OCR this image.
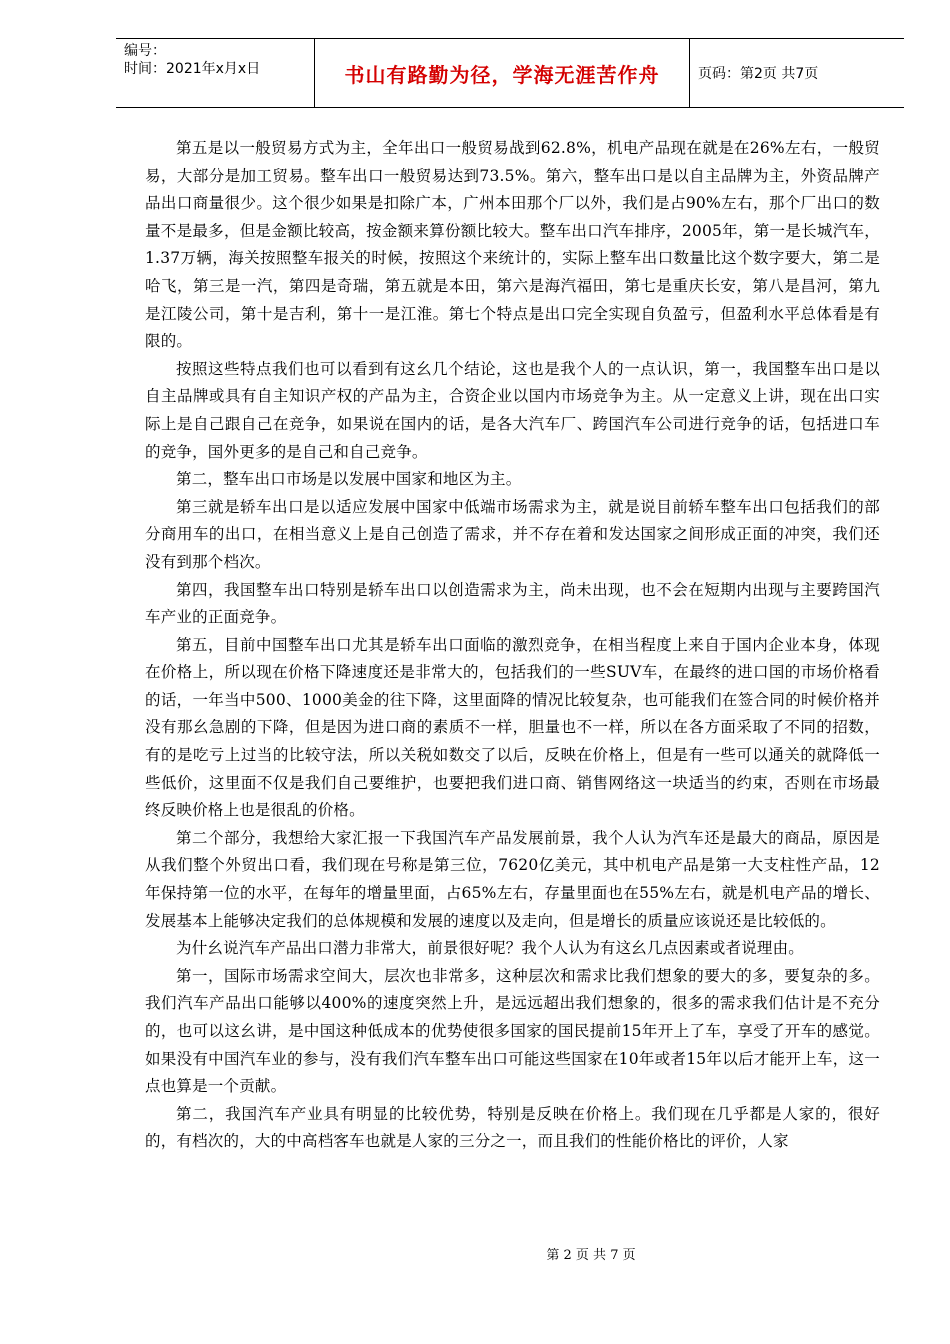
编号：
时间：2021年x月x日	书山有路勤为径，学海无涯苦作舟	页码：第2页 共7页

第五是以一般贸易方式为主，全年出口一般贸易战到62.8%，机电产品现在就是在26%左右，一般贸易，大部分是加工贸易。整车出口一般贸易达到73.5%。第六，整车出口是以自主品牌为主，外资品牌产品出口商量很少。这个很少如果是扣除广本，广州本田那个厂以外，我们是占90%左右，那个厂出口的数量不是最多，但是金额比较高，按金额来算份额比较大。整车出口汽车排序，2005年，第一是长城汽车，1.37万辆，海关按照整车报关的时候，按照这个来统计的，实际上整车出口数量比这个数字要大，第二是哈飞，第三是一汽，第四是奇瑞，第五就是本田，第六是海汽福田，第七是重庆长安，第八是昌河，第九是江陵公司，第十是吉利，第十一是江淮。第七个特点是出口完全实现自负盈亏，但盈利水平总体看是有限的。

按照这些特点我们也可以看到有这幺几个结论，这也是我个人的一点认识，第一，我国整车出口是以自主品牌或具有自主知识产权的产品为主，合资企业以国内市场竞争为主。从一定意义上讲，现在出口实际上是自己跟自己在竞争，如果说在国内的话，是各大汽车厂、跨国汽车公司进行竞争的话，包括进口车的竞争，国外更多的是自己和自己竞争。

第二，整车出口市场是以发展中国家和地区为主。

第三就是轿车出口是以适应发展中国家中低端市场需求为主，就是说目前轿车整车出口包括我们的部分商用车的出口，在相当意义上是自己创造了需求，并不存在着和发达国家之间形成正面的冲突，我们还没有到那个档次。

第四，我国整车出口特别是轿车出口以创造需求为主，尚未出现，也不会在短期内出现与主要跨国汽车产业的正面竞争。

第五，目前中国整车出口尤其是轿车出口面临的激烈竞争，在相当程度上来自于国内企业本身，体现在价格上，所以现在价格下降速度还是非常大的，包括我们的一些SUV车，在最终的进口国的市场价格看的话，一年当中500、1000美金的往下降，这里面降的情况比较复杂，也可能我们在签合同的时候价格并没有那幺急剧的下降，但是因为进口商的素质不一样，胆量也不一样，所以在各方面采取了不同的招数，有的是吃亏上过当的比较守法，所以关税如数交了以后，反映在价格上，但是有一些可以通关的就降低一些低价，这里面不仅是我们自己要维护，也要把我们进口商、销售网络这一块适当的约束，否则在市场最终反映价格上也是很乱的价格。

第二个部分，我想给大家汇报一下我国汽车产品发展前景，我个人认为汽车还是最大的商品，原因是从我们整个外贸出口看，我们现在号称是第三位，7620亿美元，其中机电产品是第一大支柱性产品，12年保持第一位的水平，在每年的增量里面，占65%左右，存量里面也在55%左右，就是机电产品的增长、发展基本上能够决定我们的总体规模和发展的速度以及走向，但是增长的质量应该说还是比较低的。

为什幺说汽车产品出口潜力非常大，前景很好呢？我个人认为有这幺几点因素或者说理由。

第一，国际市场需求空间大，层次也非常多，这种层次和需求比我们想象的要大的多，要复杂的多。我们汽车产品出口能够以400%的速度突然上升，是远远超出我们想象的，很多的需求我们估计是不充分的，也可以这幺讲，是中国这种低成本的优势使很多国家的国民提前15年开上了车，享受了开车的感觉。如果没有中国汽车业的参与，没有我们汽车整车出口可能这些国家在10年或者15年以后才能开上车，这一点也算是一个贡献。

第二，我国汽车产业具有明显的比较优势，特别是反映在价格上。我们现在几乎都是人家的，很好的，有档次的，大的中高档客车也就是人家的三分之一，而且我们的性能价格比的评价，人家

第 2 页 共 7 页
